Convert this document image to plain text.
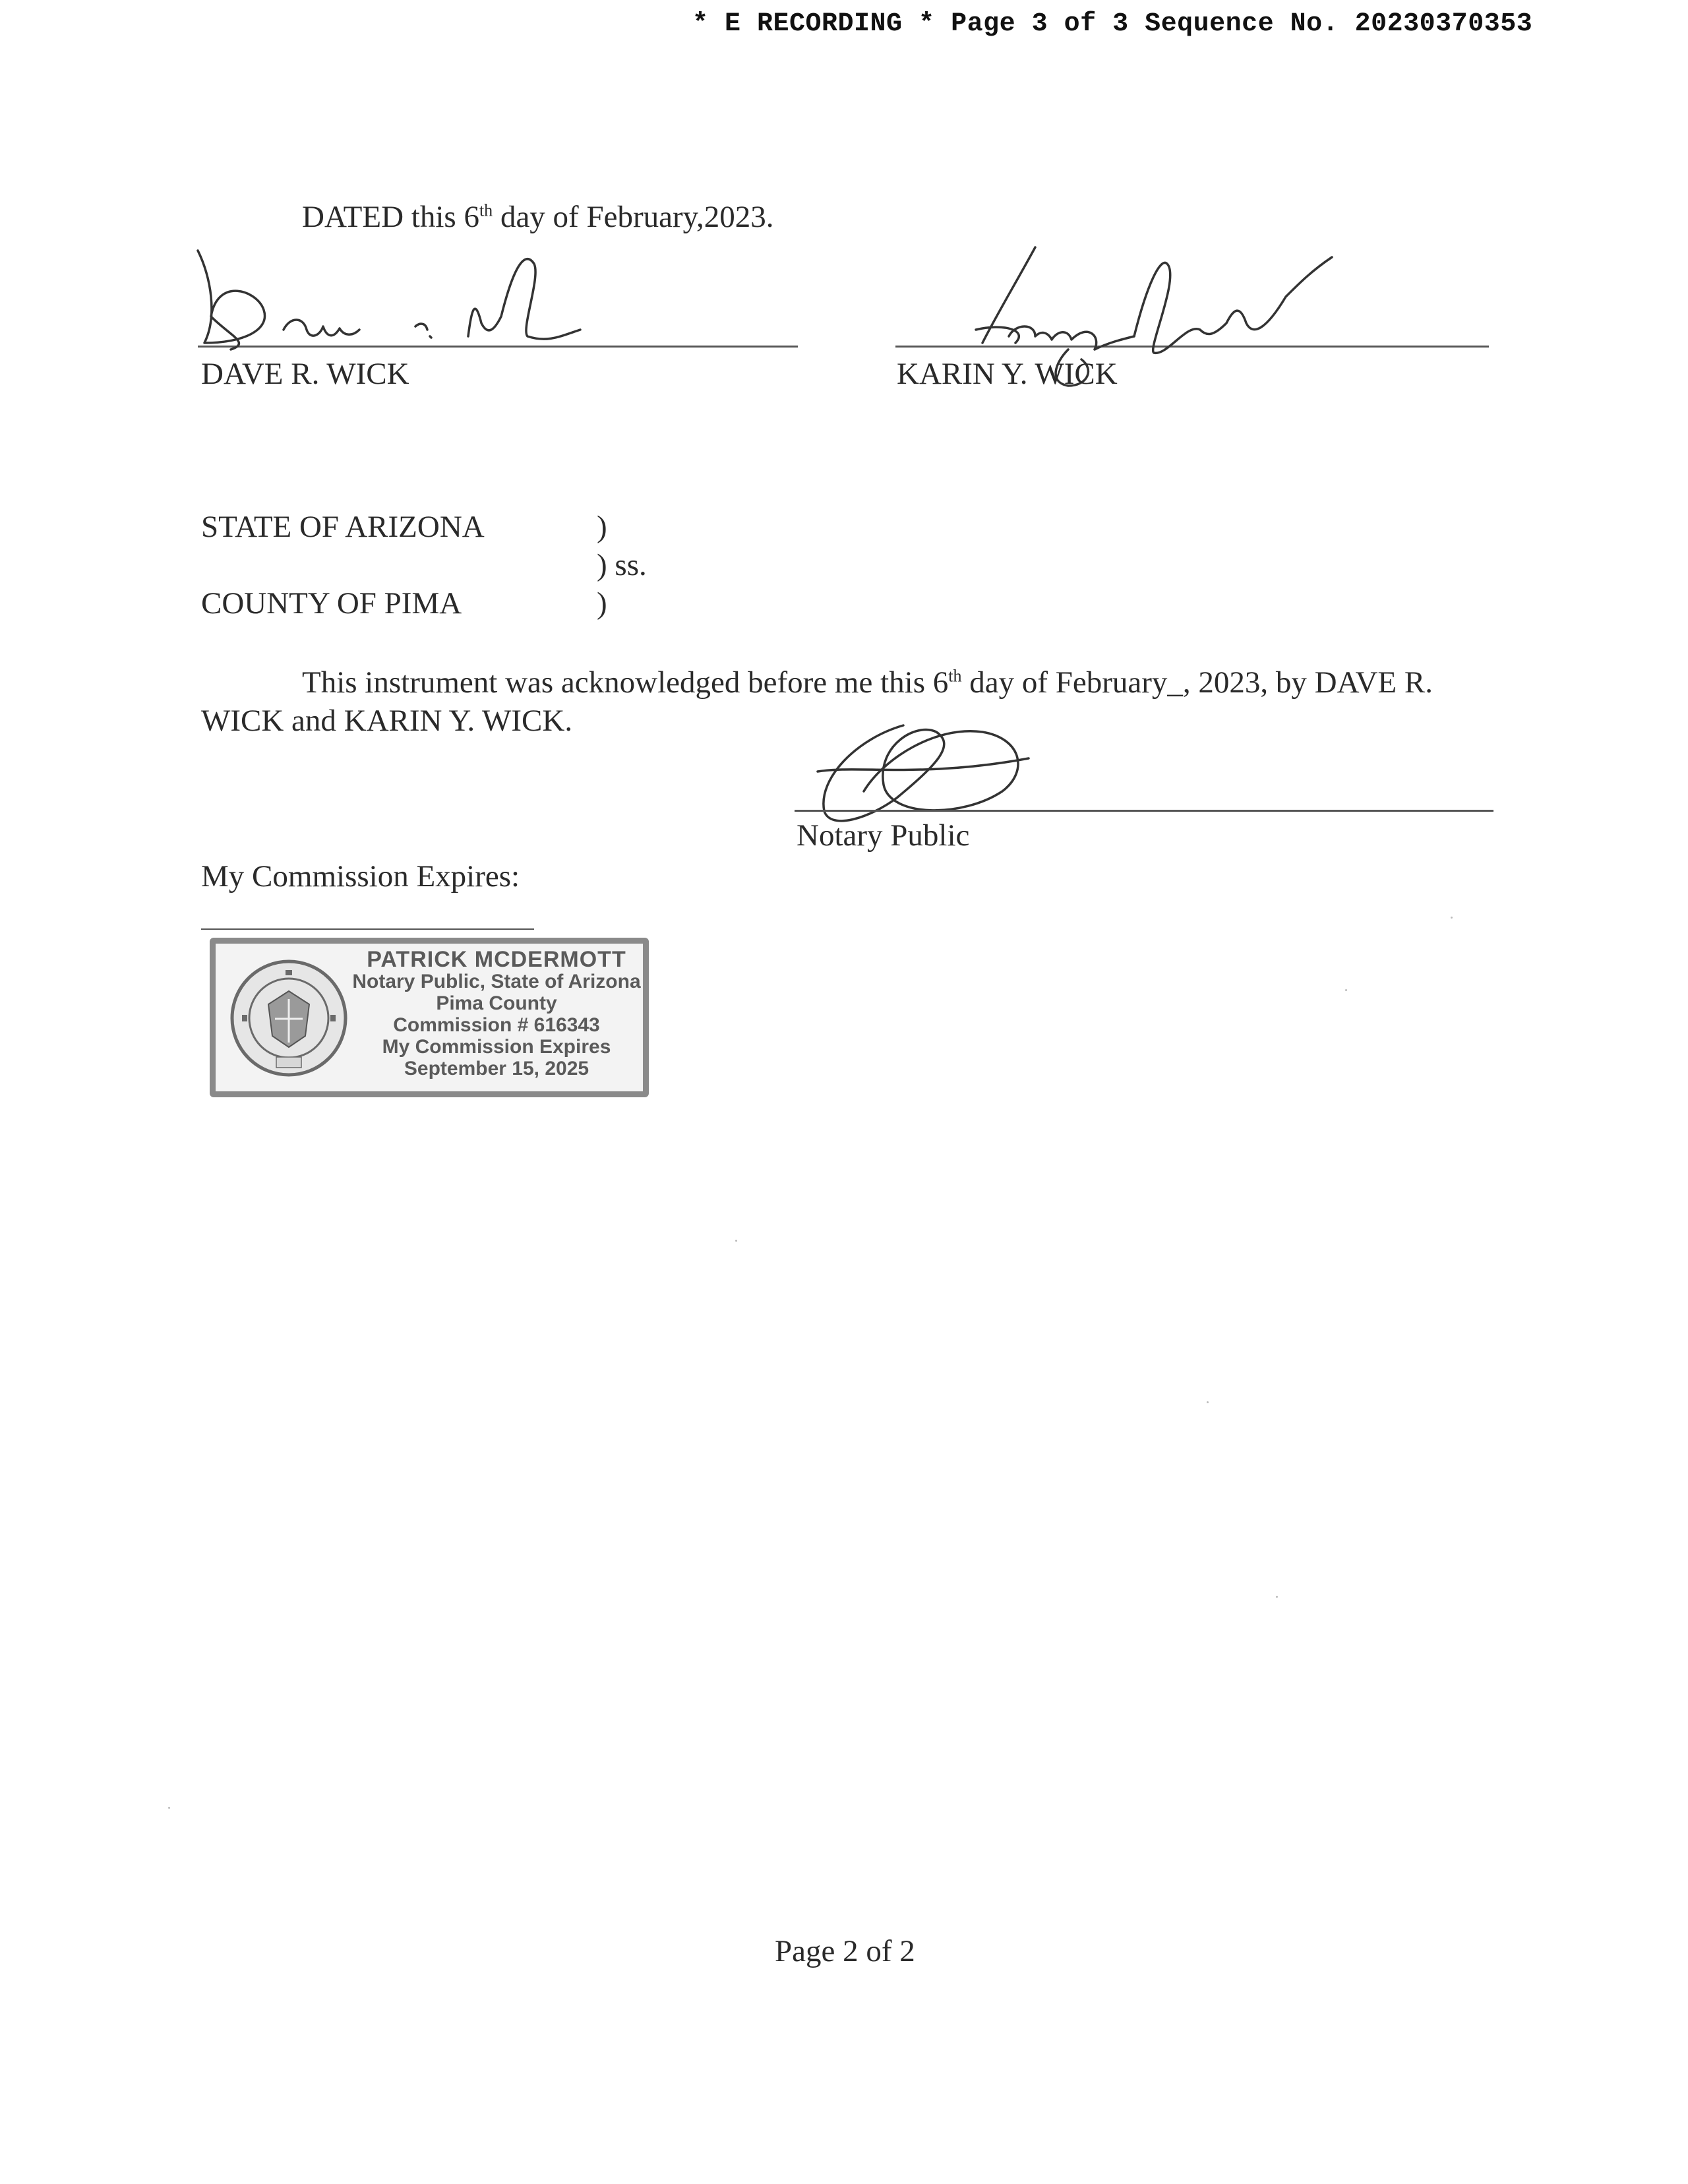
* E RECORDING * Page 3 of 3 Sequence No. 20230370353
DATED this 6th day of February,2023.
DAVE R. WICK	KARIN Y. WICK
STATE OF ARIZONA	)
) ss.
COUNTY OF PIMA	)
This instrument was acknowledged before me this 6th day of February_, 2023, by DAVE R.
WICK and KARIN Y. WICK.
Notary Public
My Commission Expires:
PATRICK MCDERMOTT
Notary Public, State of Arizona
Pima County
Commission # 616343
My Commission Expires
September 15, 2025
Page 2 of 2
